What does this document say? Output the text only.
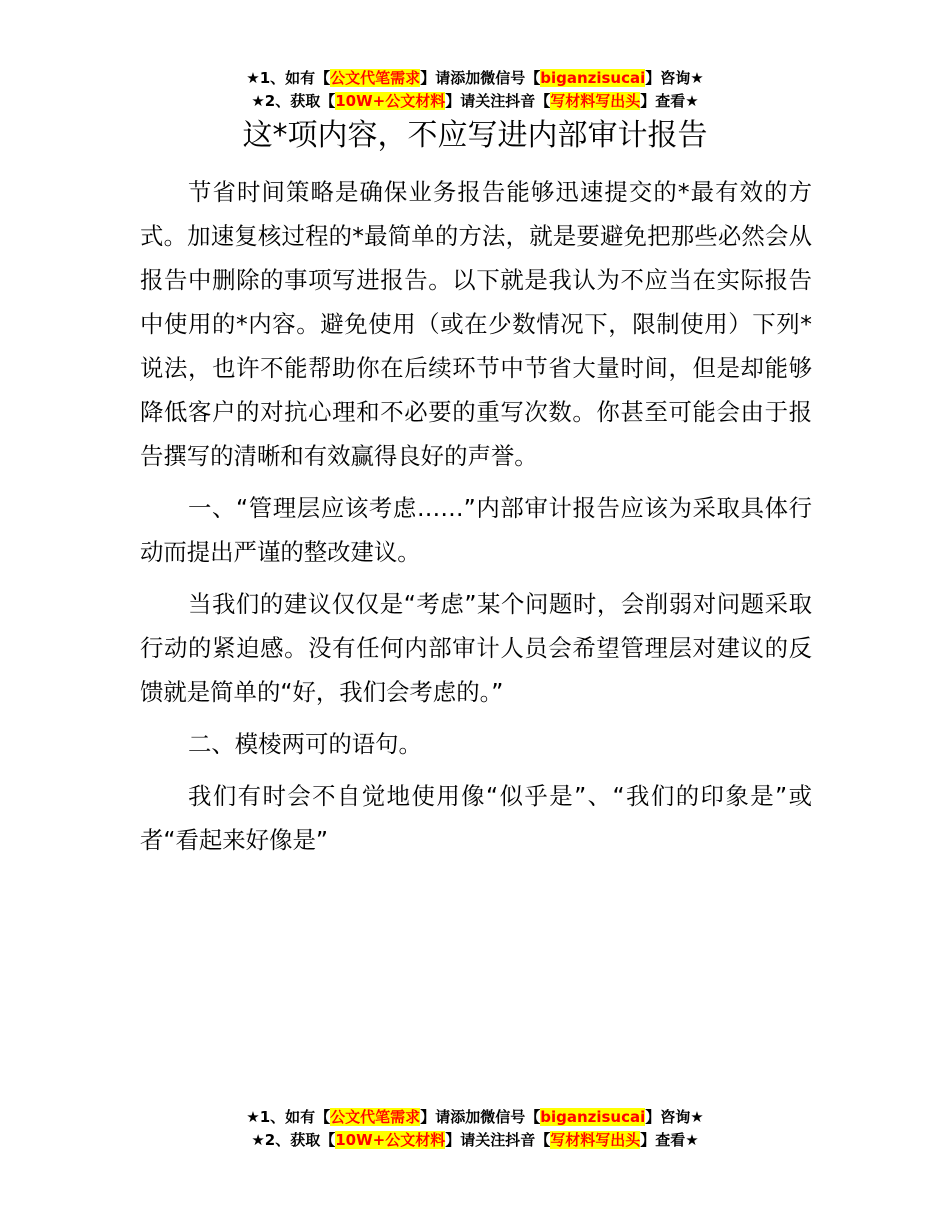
★1、如有【公文代笔需求】请添加微信号【biganzisucai】咨询★
★2、获取【10W+公文材料】请关注抖音【写材料写出头】查看★
这*项内容，不应写进内部审计报告

节省时间策略是确保业务报告能够迅速提交的*最有效的方式。加速复核过程的*最简单的方法，就是要避免把那些必然会从报告中删除的事项写进报告。以下就是我认为不应当在实际报告中使用的*内容。避免使用（或在少数情况下，限制使用）下列*说法，也许不能帮助你在后续环节中节省大量时间，但是却能够降低客户的对抗心理和不必要的重写次数。你甚至可能会由于报告撰写的清晰和有效赢得良好的声誉。

一、“管理层应该考虑……”内部审计报告应该为采取具体行动而提出严谨的整改建议。

当我们的建议仅仅是“考虑”某个问题时，会削弱对问题采取行动的紧迫感。没有任何内部审计人员会希望管理层对建议的反馈就是简单的“好，我们会考虑的。”

二、模棱两可的语句。

我们有时会不自觉地使用像“似乎是”、“我们的印象是”或者“看起来好像是”

★1、如有【公文代笔需求】请添加微信号【biganzisucai】咨询★
★2、获取【10W+公文材料】请关注抖音【写材料写出头】查看★
